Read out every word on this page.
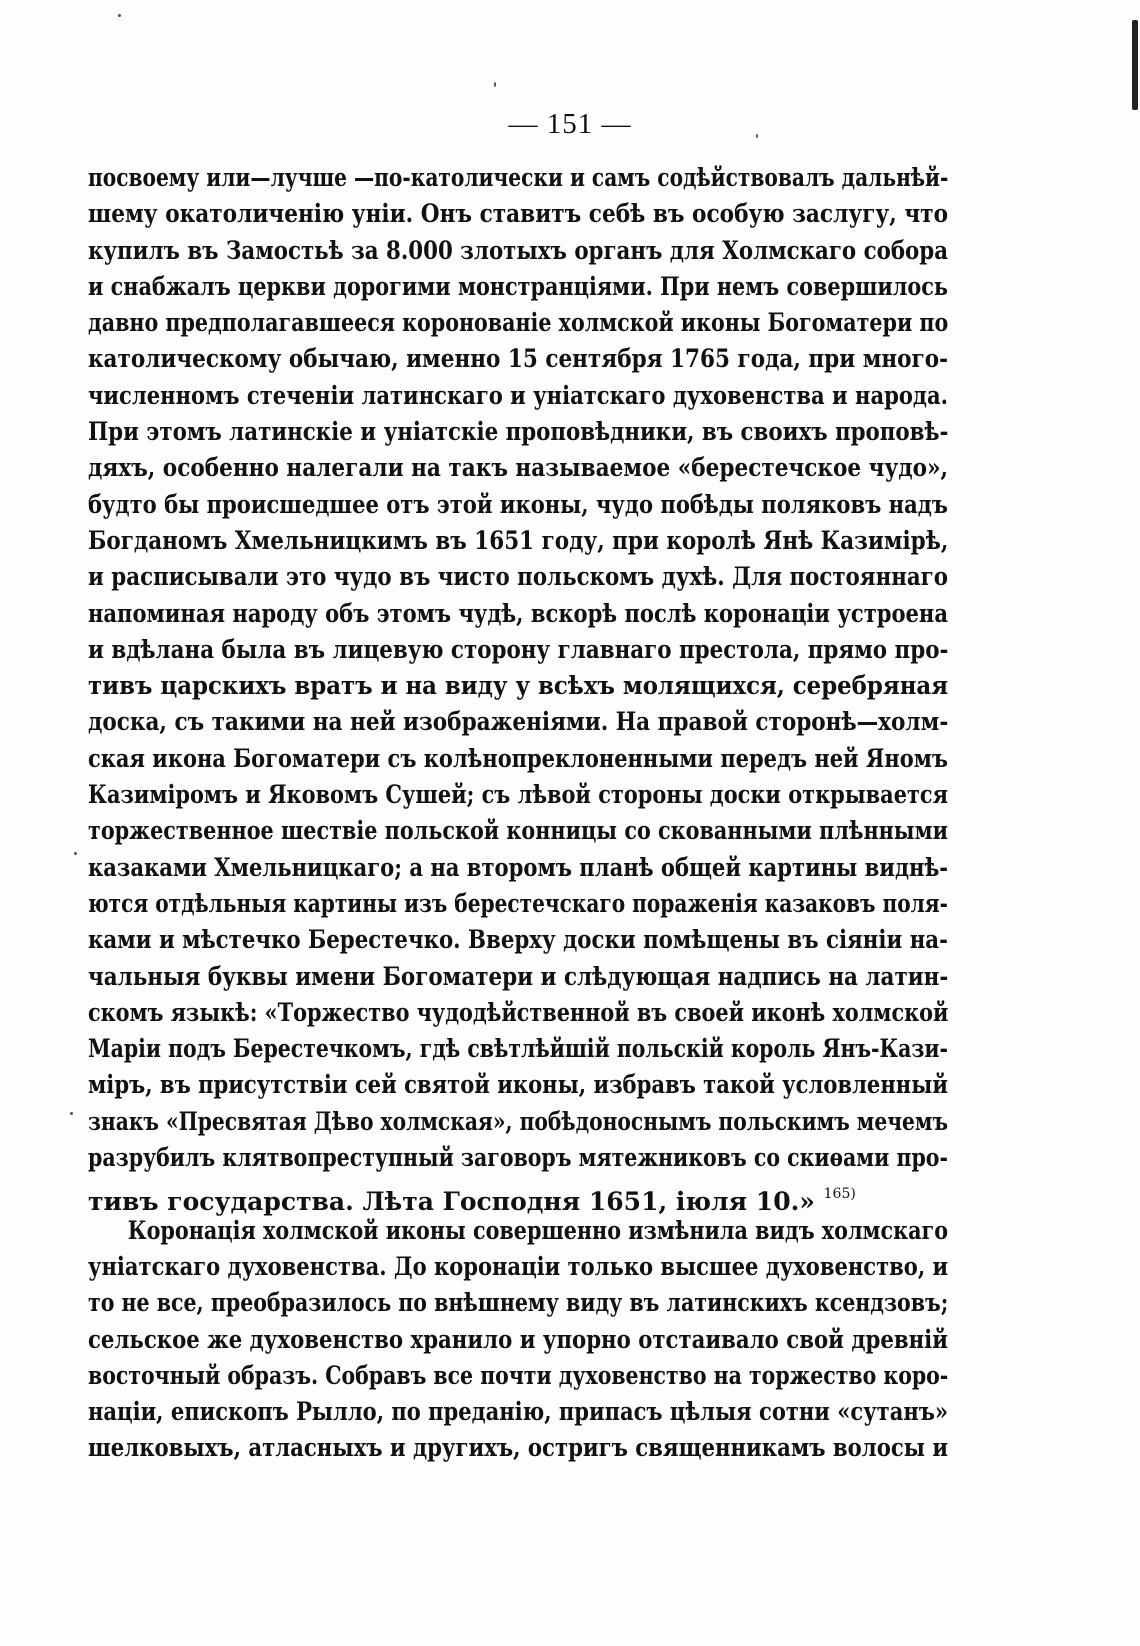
— 151 —
посвоему или—лучше —по-католически и самъ содѣйствовалъ дальнѣй-
шему окатоличенію уніи. Онъ ставитъ себѣ въ особую заслугу, что
купилъ въ Замостьѣ за 8.000 злотыхъ органъ для Холмскаго собора
и снабжалъ церкви дорогими монстранціями. При немъ совершилось
давно предполагавшееся коронованіе холмской иконы Богоматери по
католическому обычаю, именно 15 сентября 1765 года, при много-
численномъ стеченіи латинскаго и уніатскаго духовенства и народа.
При этомъ латинскіе и уніатскіе проповѣдники, въ своихъ проповѣ-
дяхъ, особенно налегали на такъ называемое «берестечское чудо»,
будто бы происшедшее отъ этой иконы, чудо побѣды поляковъ надъ
Богданомъ Хмельницкимъ въ 1651 году, при королѣ Янѣ Казимірѣ,
и расписывали это чудо въ чисто польскомъ духѣ. Для постояннаго
напоминая народу объ этомъ чудѣ, вскорѣ послѣ коронаціи устроена
и вдѣлана была въ лицевую сторону главнаго престола, прямо про-
тивъ царскихъ вратъ и на виду у всѣхъ молящихся, серебряная
доска, съ такими на ней изображеніями. На правой сторонѣ—холм-
ская икона Богоматери съ колѣнопреклоненными передъ ней Яномъ
Казиміромъ и Яковомъ Сушей; съ лѣвой стороны доски открывается
торжественное шествіе польской конницы со скованными плѣнными
казаками Хмельницкаго; а на второмъ планѣ общей картины виднѣ-
ются отдѣльныя картины изъ берестечскаго пораженія казаковъ поля-
ками и мѣстечко Берестечко. Вверху доски помѣщены въ сіяніи на-
чальныя буквы имени Богоматери и слѣдующая надпись на латин-
скомъ языкѣ: «Торжество чудодѣйственной въ своей иконѣ холмской
Маріи подъ Берестечкомъ, гдѣ свѣтлѣйшій польскій король Янъ-Кази-
міръ, въ присутствіи сей святой иконы, избравъ такой условленный
знакъ «Пресвятая Дѣво холмская», побѣдоноснымъ польскимъ мечемъ
разрубилъ клятвопреступный заговоръ мятежниковъ со скиѳами про-
тивъ государства. Лѣта Господня 1651, іюля 10.» $^{165)}$
Коронація холмской иконы совершенно измѣнила видъ холмскаго
уніатскаго духовенства. До коронаціи только высшее духовенство, и
то не все, преобразилось по внѣшнему виду въ латинскихъ ксендзовъ;
сельское же духовенство хранило и упорно отстаивало свой древній
восточный образъ. Собравъ все почти духовенство на торжество коро-
націи, епископъ Рылло, по преданію, припасъ цѣлыя сотни «сутанъ»
шелковыхъ, атласныхъ и другихъ, остригъ священникамъ волосы и
